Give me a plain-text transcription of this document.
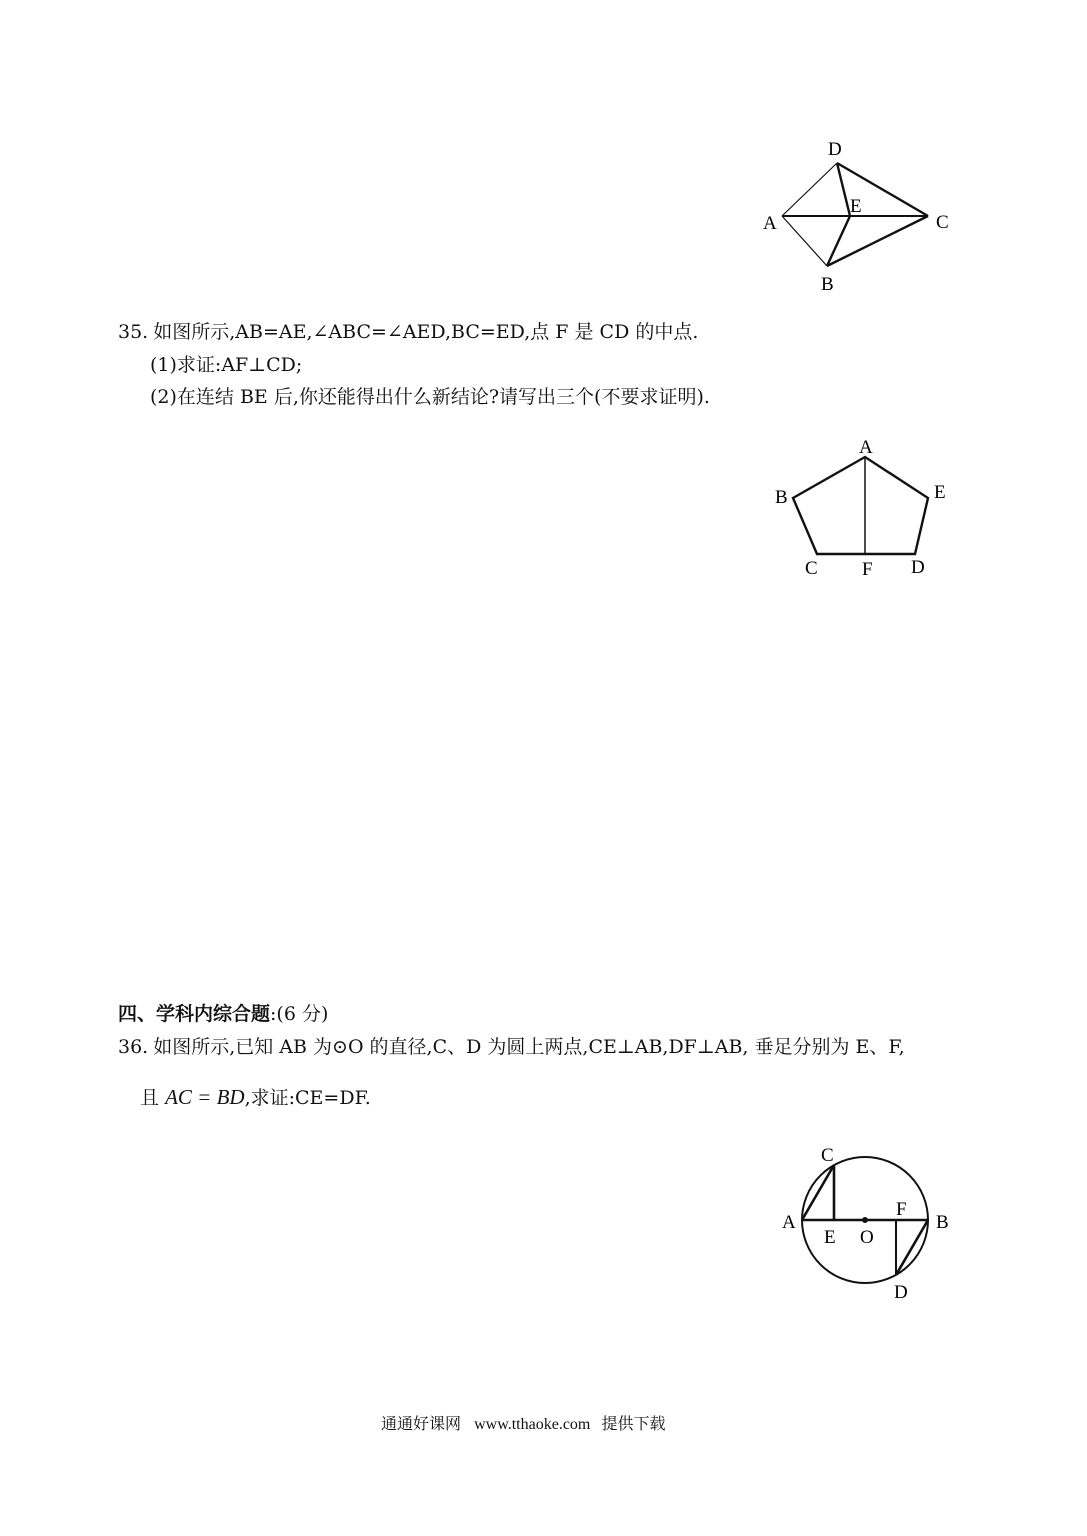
D
A
E
C
B
35. 如图所示,AB=AE,∠ABC=∠AED,BC=ED,点 F 是 CD 的中点.
(1)求证:AF⊥CD;
(2)在连结 BE 后,你还能得出什么新结论?请写出三个(不要求证明).
A
B	E
C F D
四、学科内综合题:(6 分)
36. 如图所示,已知 AB 为⊙O 的直径,C、D 为圆上两点,CE⊥AB,DF⊥AB, 垂足分别为 E、F,
且 AC = BD,求证:CE=DF.
C
A
F
B
E O
D
通通好课网 www.tthaoke.com 提供下载
